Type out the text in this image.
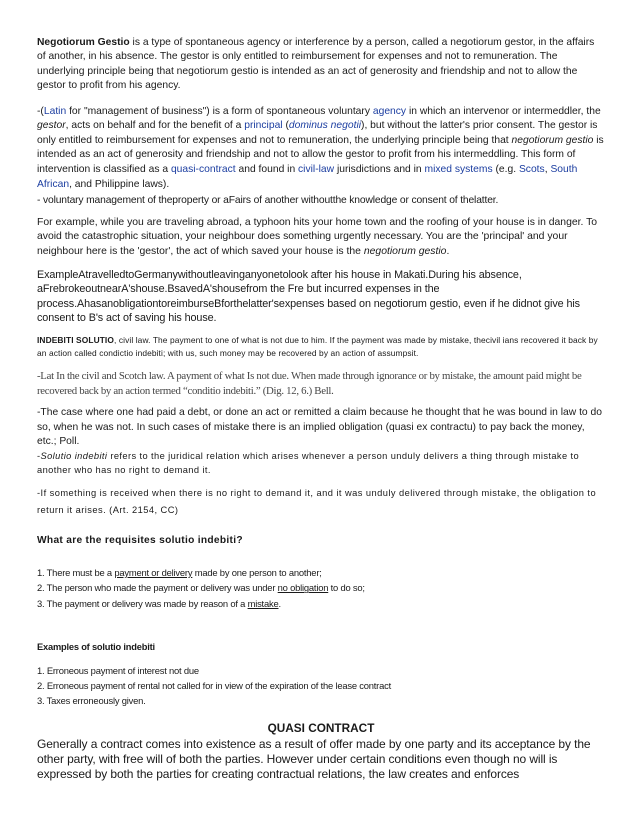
Negotiorum Gestio is a type of spontaneous agency or interference by a person, called a negotiorum gestor, in the affairs of another, in his absence. The gestor is only entitled to reimbursement for expenses and not to remuneration. The underlying principle being that negotiorum gestio is intended as an act of generosity and friendship and not to allow the gestor to profit from his agency.

-(Latin for "management of business") is a form of spontaneous voluntary agency in which an intervenor or intermeddler, the gestor, acts on behalf and for the benefit of a principal (dominus negotii), but without the latter's prior consent. The gestor is only entitled to reimbursement for expenses and not to remuneration, the underlying principle being that negotiorum gestio is intended as an act of generosity and friendship and not to allow the gestor to profit from his intermeddling. This form of intervention is classified as a quasi-contract and found in civil-law jurisdictions and in mixed systems (e.g. Scots, South African, and Philippine laws).

- voluntary management of theproperty or aFairs of another withoutthe knowledge or consent of thelatter.

For example, while you are traveling abroad, a typhoon hits your home town and the roofing of your house is in danger. To avoid the catastrophic situation, your neighbour does something urgently necessary. You are the 'principal' and your neighbour here is the 'gestor', the act of which saved your house is the negotiorum gestio.

ExampleAtravelledtoGermanywithoutleavinganyonetolook after his house in Makati.During his absence, aFrebrokeoutnearA'shouse.BsavedA'shousefrom the Fre but incurred expenses in the process.AhasanobligationtoreimburseBforthelatter'sexpenses based on negotiorum gestio, even if he didnot give his consent to B's act of saving his house.

INDEBITI SOLUTIO, civil law. The payment to one of what is not due to him. If the payment was made by mistake, thecivil ians recovered it back by an action called condictio indebiti; with us, such money may be recovered by an action of assumpsit.

-Lat In the civil and Scotch law. A payment of what Is not due. When made through ignorance or by mistake, the amount paid might be recovered back by an action termed “conditio indebiti.” (Dig. 12, 6.) Bell.

-The case where one had paid a debt, or done an act or remitted a claim because he thought that he was bound in law to do so, when he was not. In such cases of mistake there is an implied obligation (quasi ex contractu) to pay back the money, etc.; Poll.

-Solutio indebiti refers to the juridical relation which arises whenever a person unduly delivers a thing through mistake to another who has no right to demand it.

-If something is received when there is no right to demand it, and it was unduly delivered through mistake, the obligation to return it arises. (Art. 2154, CC)

What are the requisites solutio indebiti?

1. There must be a payment or delivery made by one person to another;
2. The person who made the payment or delivery was under no obligation to do so;
3. The payment or delivery was made by reason of a mistake.

Examples of solutio indebiti

1. Erroneous payment of interest not due
2. Erroneous payment of rental not called for in view of the expiration of the lease contract
3. Taxes erroneously given.

QUASI CONTRACT

Generally a contract comes into existence as a result of offer made by one party and its acceptance by the other party, with free will of both the parties. However under certain conditions even though no will is expressed by both the parties for creating contractual relations, the law creates and enforces
